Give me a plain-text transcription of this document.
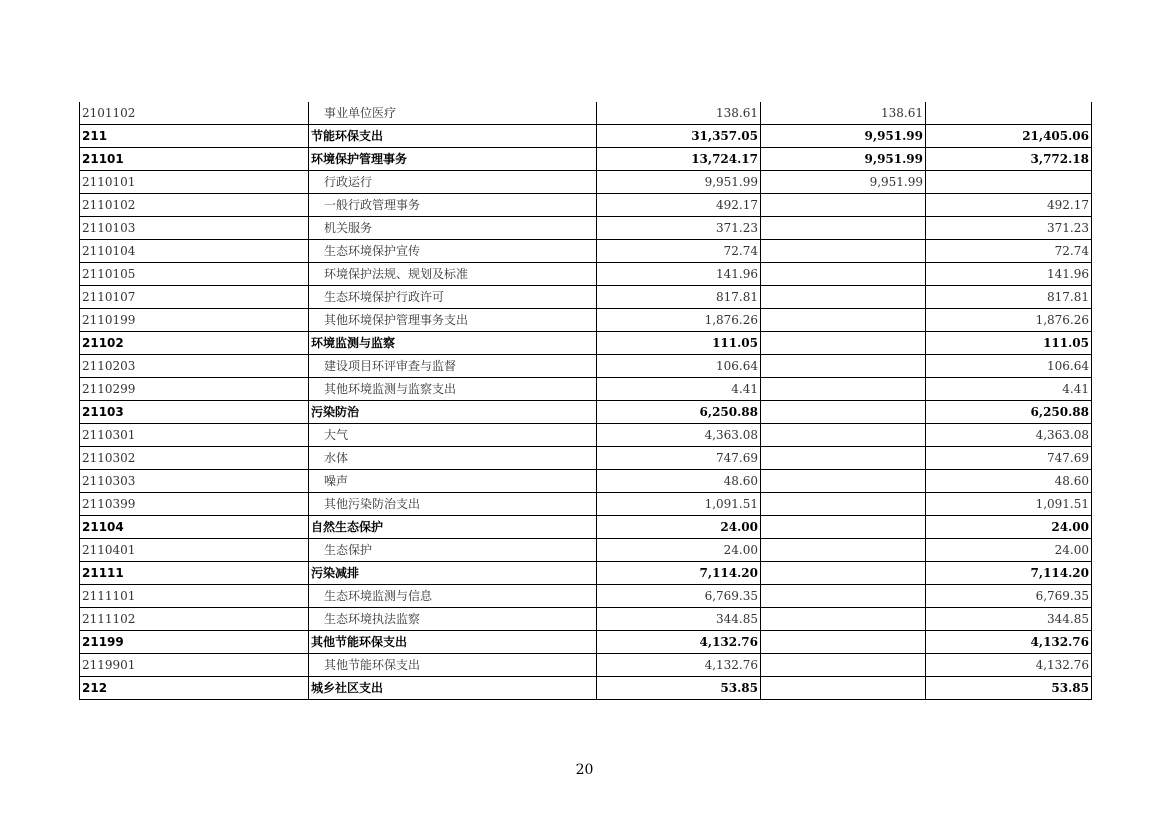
2101102	事业单位医疗	138.61	138.61	
211	节能环保支出	31,357.05	9,951.99	21,405.06
21101	环境保护管理事务	13,724.17	9,951.99	3,772.18
2110101	行政运行	9,951.99	9,951.99	
2110102	一般行政管理事务	492.17		492.17
2110103	机关服务	371.23		371.23
2110104	生态环境保护宣传	72.74		72.74
2110105	环境保护法规、规划及标准	141.96		141.96
2110107	生态环境保护行政许可	817.81		817.81
2110199	其他环境保护管理事务支出	1,876.26		1,876.26
21102	环境监测与监察	111.05		111.05
2110203	建设项目环评审查与监督	106.64		106.64
2110299	其他环境监测与监察支出	4.41		4.41
21103	污染防治	6,250.88		6,250.88
2110301	大气	4,363.08		4,363.08
2110302	水体	747.69		747.69
2110303	噪声	48.60		48.60
2110399	其他污染防治支出	1,091.51		1,091.51
21104	自然生态保护	24.00		24.00
2110401	生态保护	24.00		24.00
21111	污染减排	7,114.20		7,114.20
2111101	生态环境监测与信息	6,769.35		6,769.35
2111102	生态环境执法监察	344.85		344.85
21199	其他节能环保支出	4,132.76		4,132.76
2119901	其他节能环保支出	4,132.76		4,132.76
212	城乡社区支出	53.85		53.85
20
